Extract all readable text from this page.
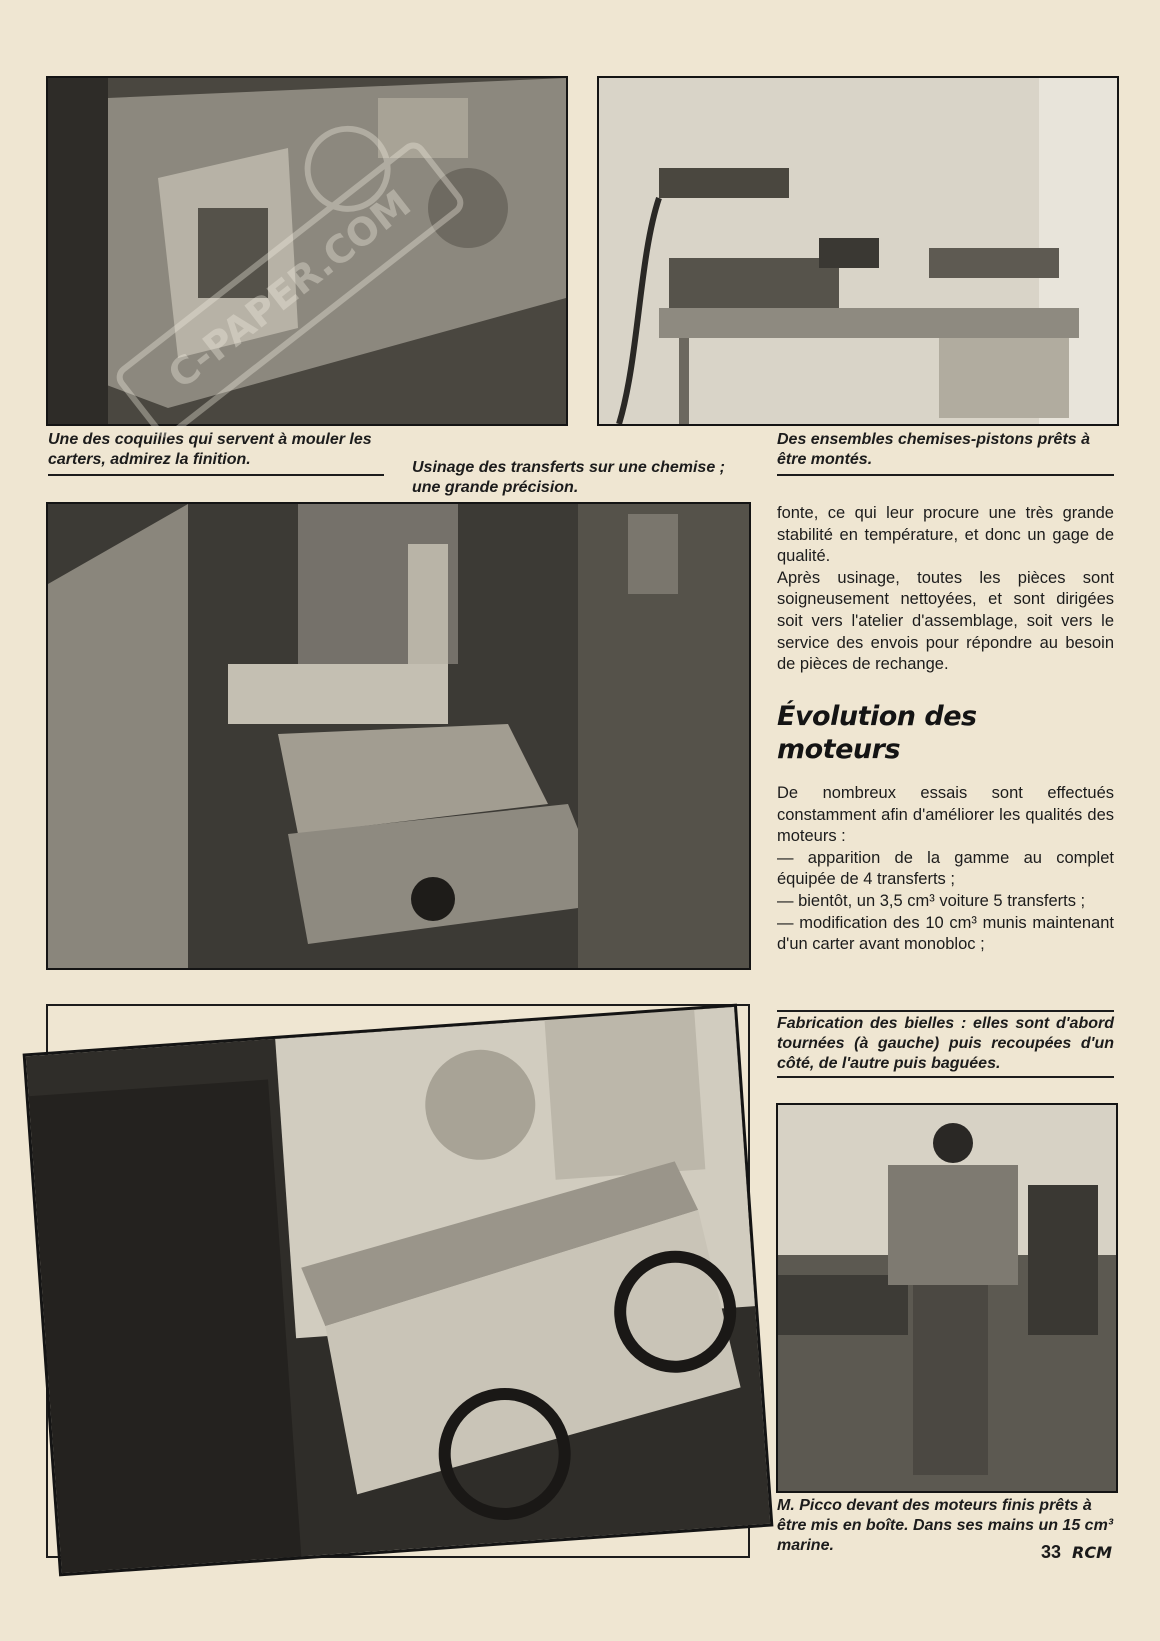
Une des coquilles qui servent à mouler les carters, admirez la finition.	Usinage des transferts sur une chemise ; une grande précision.
Des ensembles chemises-pistons prêts à être montés.

fonte, ce qui leur procure une très grande stabilité en température, et donc un gage de qualité.

Après usinage, toutes les pièces sont soigneusement nettoyées, et sont dirigées soit vers l'atelier d'assemblage, soit vers le service des envois pour répondre au besoin de pièces de rechange.

Évolution des
moteurs

De nombreux essais sont effectués constamment afin d'améliorer les qualités des moteurs :

— apparition de la gamme au complet équipée de 4 transferts ;

— bientôt, un 3,5 cm³ voiture 5 transferts ;

— modification des 10 cm³ munis maintenant d'un carter avant monobloc ;

Fabrication des bielles : elles sont d'abord tournées (à gauche) puis recoupées d'un côté, de l'autre puis baguées.
M. Picco devant des moteurs finis prêts à être mis en boîte. Dans ses mains un 15 cm³ marine.
C-PAPER.COM
33 RCM
